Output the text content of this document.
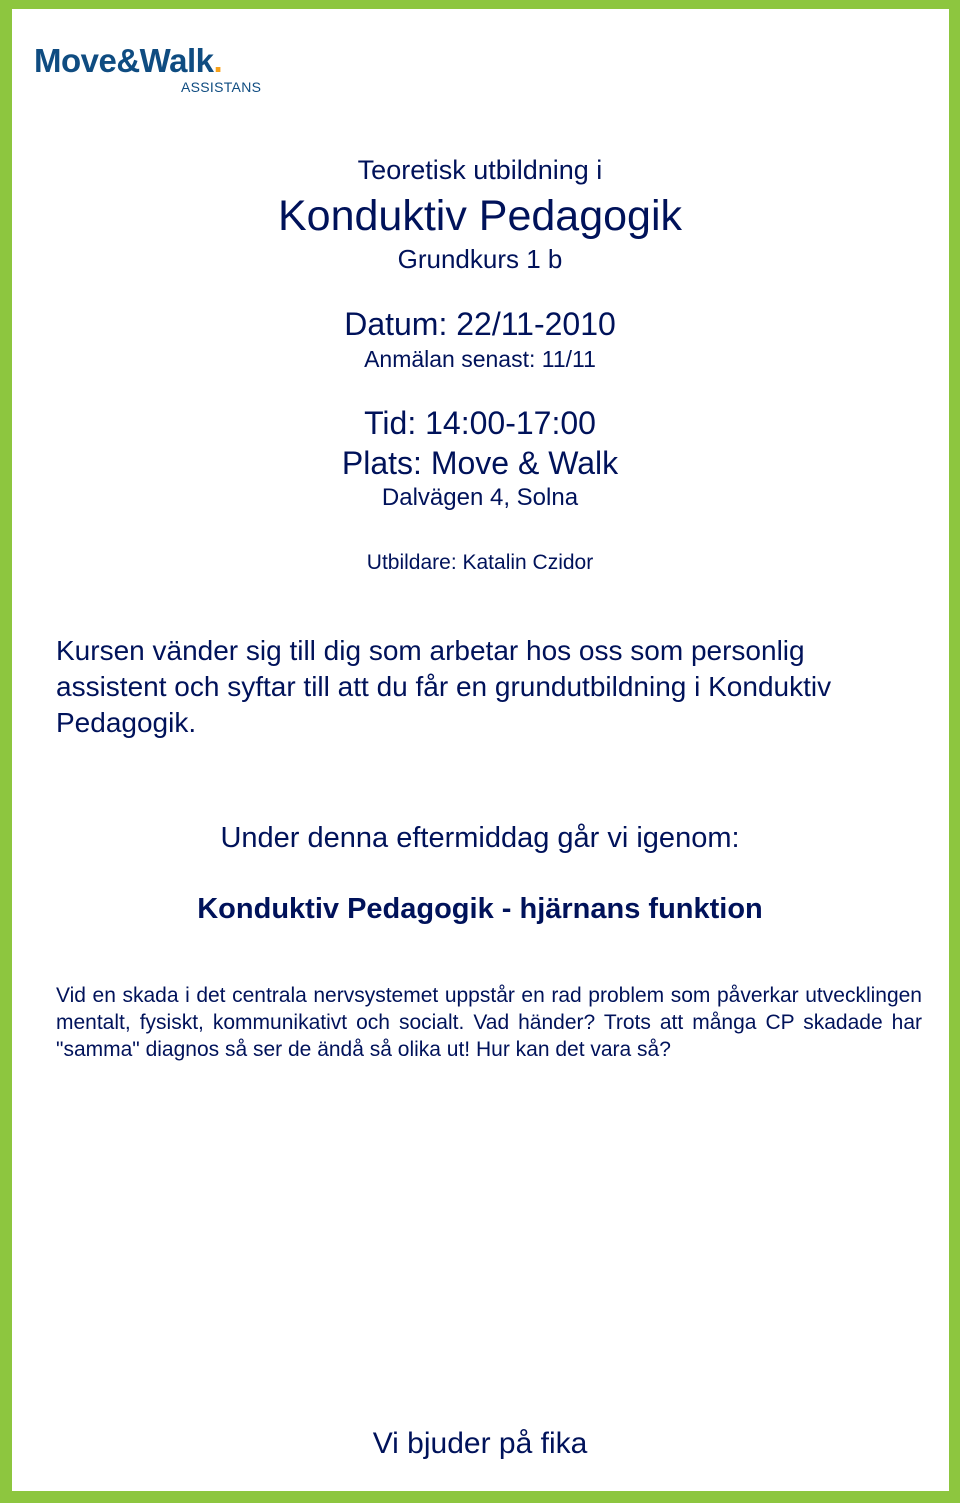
Move&Walk.
ASSISTANS

Teoretisk utbildning i

Konduktiv Pedagogik

Grundkurs 1 b

Datum: 22/11-2010

Anmälan senast: 11/11

Tid: 14:00-17:00

Plats: Move & Walk

Dalvägen 4, Solna

Utbildare: Katalin Czidor

Kursen vänder sig till dig som arbetar hos oss som personlig assistent och syftar till att du får en grundutbildning i Konduktiv Pedagogik.

Under denna eftermiddag går vi igenom:

Konduktiv Pedagogik - hjärnans funktion

Vid en skada i det centrala nervsystemet uppstår en rad problem som påverkar utvecklingen mentalt, fysiskt, kommunikativt och socialt. Vad händer? Trots att många CP skadade har "samma" diagnos så ser de ändå så olika ut! Hur kan det vara så?

Vi bjuder på fika
